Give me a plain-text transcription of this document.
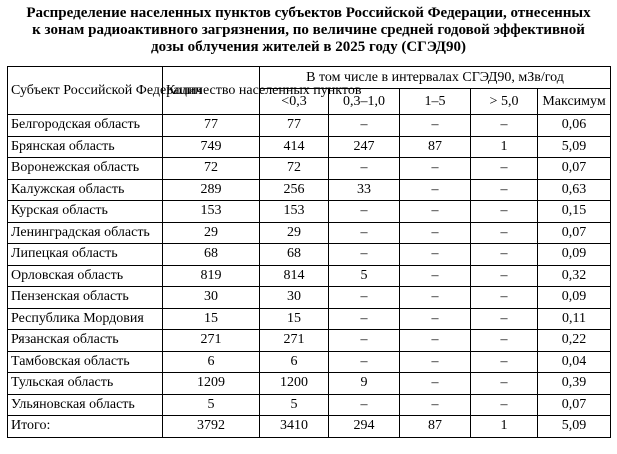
Распределение населенных пунктов субъектов Российской Федерации, отнесенных
к зонам радиоактивного загрязнения, по величине средней годовой эффективной
дозы облучения жителей в 2025 году (СГЭД90)
Субъект Российской Федерации	Количество населенных пунктов	В том числе в интервалах СГЭД90, мЗв/год				
		<0,3	0,3–1,0	1–5	> 5,0	Максимум
Белгородская область	77	77	–	–	–	0,06
Брянская область	749	414	247	87	1	5,09
Воронежская область	72	72	–	–	–	0,07
Калужская область	289	256	33	–	–	0,63
Курская область	153	153	–	–	–	0,15
Ленинградская область	29	29	–	–	–	0,07
Липецкая область	68	68	–	–	–	0,09
Орловская область	819	814	5	–	–	0,32
Пензенская область	30	30	–	–	–	0,09
Республика Мордовия	15	15	–	–	–	0,11
Рязанская область	271	271	–	–	–	0,22
Тамбовская область	6	6	–	–	–	0,04
Тульская область	1209	1200	9	–	–	0,39
Ульяновская область	5	5	–	–	–	0,07
Итого:	3792	3410	294	87	1	5,09
